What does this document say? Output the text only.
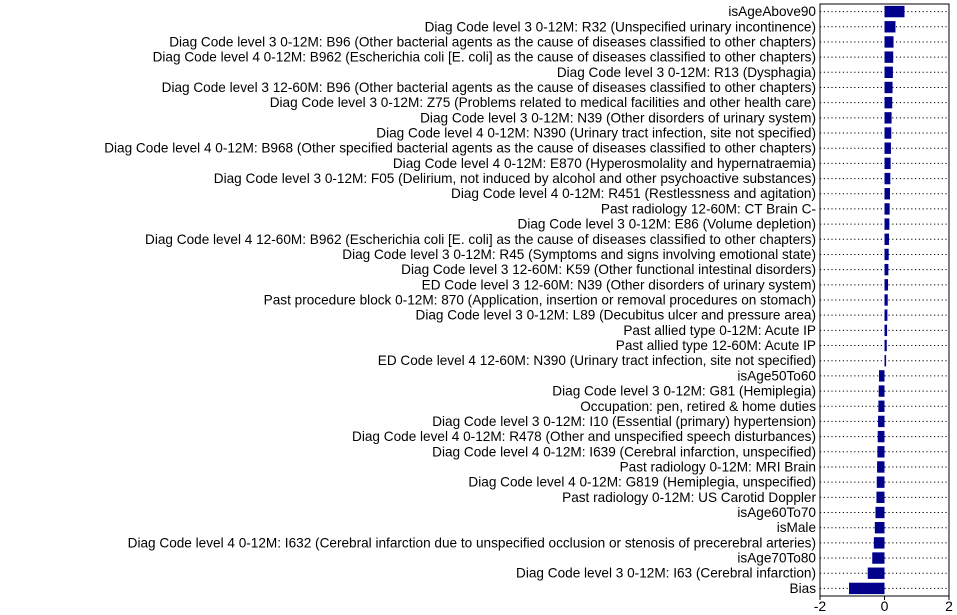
isAgeAbove90
Diag Code level 3 0-12M: R32 (Unspecified urinary incontinence)
Diag Code level 3 0-12M: B96 (Other bacterial agents as the cause of diseases classified to other chapters)
Diag Code level 4 0-12M: B962 (Escherichia coli [E. coli] as the cause of diseases classified to other chapters)
Diag Code level 3 0-12M: R13 (Dysphagia)
Diag Code level 3 12-60M: B96 (Other bacterial agents as the cause of diseases classified to other chapters)
Diag Code level 3 0-12M: Z75 (Problems related to medical facilities and other health care)
Diag Code level 3 0-12M: N39 (Other disorders of urinary system)
Diag Code level 4 0-12M: N390 (Urinary tract infection, site not specified)
Diag Code level 4 0-12M: B968 (Other specified bacterial agents as the cause of diseases classified to other chapters)
Diag Code level 4 0-12M: E870 (Hyperosmolality and hypernatraemia)
Diag Code level 3 0-12M: F05 (Delirium, not induced by alcohol and other psychoactive substances)
Diag Code level 4 0-12M: R451 (Restlessness and agitation)
Past radiology 12-60M: CT Brain C-
Diag Code level 3 0-12M: E86 (Volume depletion)
Diag Code level 4 12-60M: B962 (Escherichia coli [E. coli] as the cause of diseases classified to other chapters)
Diag Code level 3 0-12M: R45 (Symptoms and signs involving emotional state)
Diag Code level 3 12-60M: K59 (Other functional intestinal disorders)
ED Code level 3 12-60M: N39 (Other disorders of urinary system)
Past procedure block 0-12M: 870 (Application, insertion or removal procedures on stomach)
Diag Code level 3 0-12M: L89 (Decubitus ulcer and pressure area)
Past allied type 0-12M: Acute IP
Past allied type 12-60M: Acute IP
ED Code level 4 12-60M: N390 (Urinary tract infection, site not specified)
isAge50To60
Diag Code level 3 0-12M: G81 (Hemiplegia)
Occupation: pen, retired & home duties
Diag Code level 3 0-12M: I10 (Essential (primary) hypertension)
Diag Code level 4 0-12M: R478 (Other and unspecified speech disturbances)
Diag Code level 4 0-12M: I639 (Cerebral infarction, unspecified)
Past radiology 0-12M: MRI Brain
Diag Code level 4 0-12M: G819 (Hemiplegia, unspecified)
Past radiology 0-12M: US Carotid Doppler
isAge60To70
isMale
Diag Code level 4 0-12M: I632 (Cerebral infarction due to unspecified occlusion or stenosis of precerebral arteries)
isAge70To80
Diag Code level 3 0-12M: I63 (Cerebral infarction)
Bias
-2	0	2
